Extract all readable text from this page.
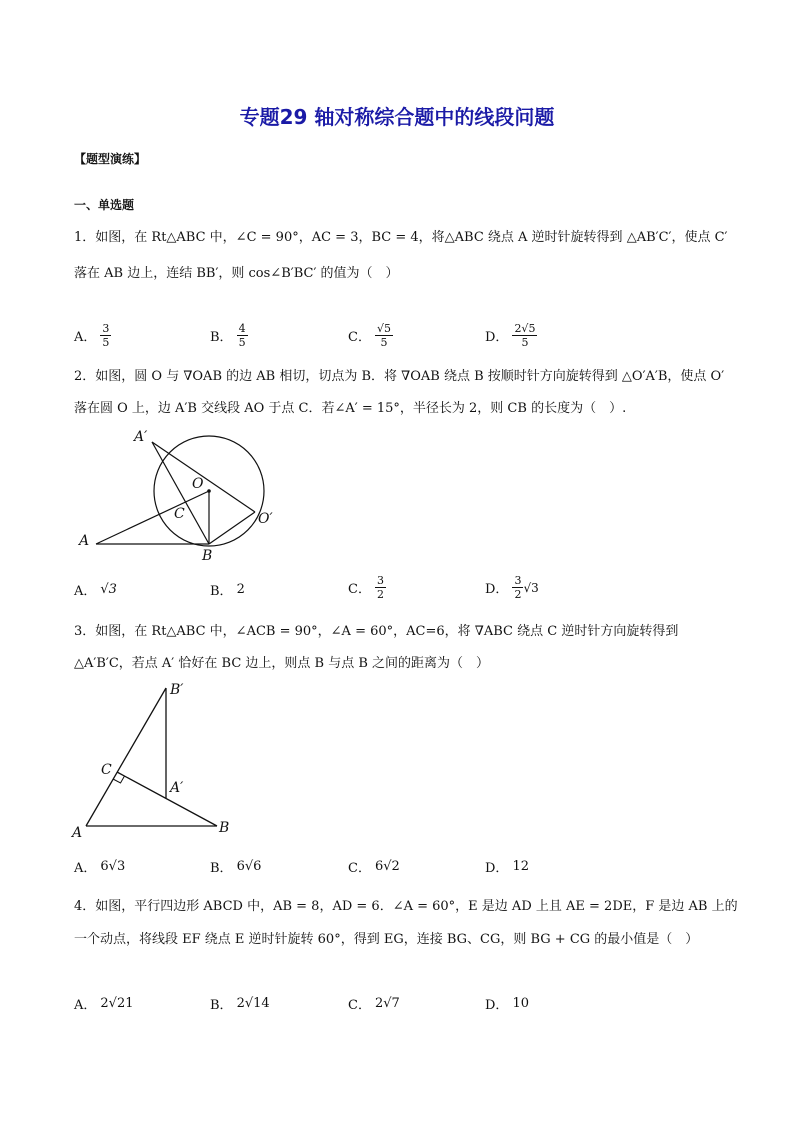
专题29 轴对称综合题中的线段问题
【题型演练】
一、单选题
1．如图，在 Rt△ABC 中，∠C = 90°，AC = 3，BC = 4，将△ABC 绕点 A 逆时针旋转得到 △AB′C′，使点 C′
落在 AB 边上，连结 BB′，则 cos∠B′BC′ 的值为（　）
A． $\frac{3}{5}$	B． $\frac{4}{5}$	C． $\frac{√5}{5}$	D． $\frac{2√5}{5}$
2．如图，圆 O 与 ∇OAB 的边 AB 相切，切点为 B．将 ∇OAB 绕点 B 按顺时针方向旋转得到 △O′A′B，使点 O′
落在圆 O 上，边 A′B 交线段 AO 于点 C．若∠A′ = 15°，半径长为 2，则 CB 的长度为（　）.
A′
O
C	O′
A
B
A． √3	B． 2	C． $\frac{3}{2}$	D． $\frac{3}{2} √3$
3．如图，在 Rt△ABC 中，∠ACB = 90°，∠A = 60°，AC=6，将 ∇ABC 绕点 C 逆时针方向旋转得到
△A′B′C，若点 A′ 恰好在 BC 边上，则点 B 与点 B 之间的距离为（　）
B′
C
A′
A	B
A． 6√3	B． 6√6	C． 6√2	D． 12
4．如图，平行四边形 ABCD 中，AB = 8，AD = 6．∠A = 60°，E 是边 AD 上且 AE = 2DE，F 是边 AB 上的
一个动点，将线段 EF 绕点 E 逆时针旋转 60°，得到 EG，连接 BG、CG，则 BG + CG 的最小值是（　）
A． 2√21	B． 2√14	C． 2√7	D． 10
